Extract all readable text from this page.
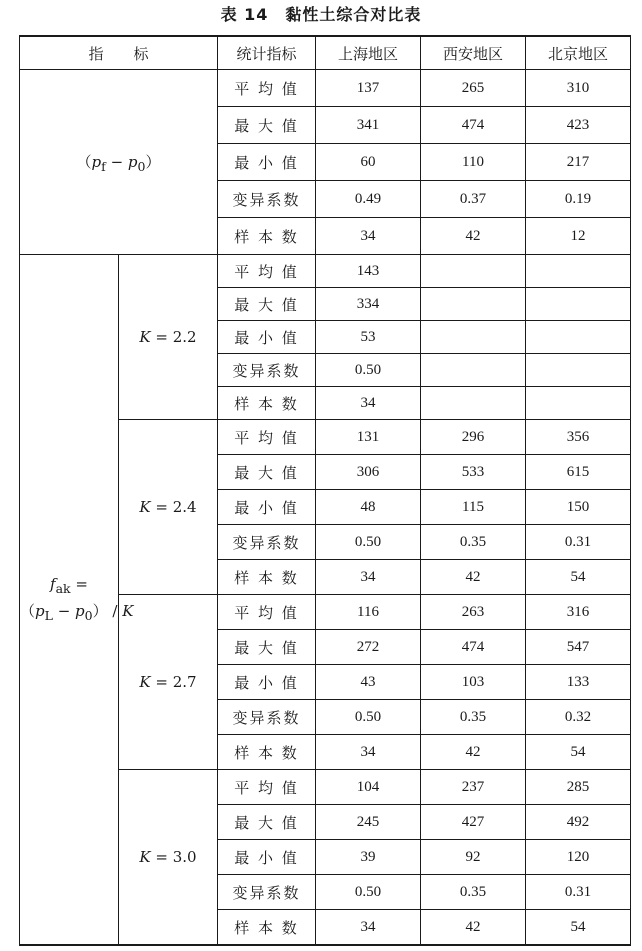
表 14　黏性土综合对比表
指　　标		统计指标	上海地区	西安地区	北京地区
$(p_f - p_0)$		平 均 值	137	265	310
		最 大 值	341	474	423
		最 小 值	60	110	217
		变异系数	0.49	0.37	0.19
		样 本 数	34	42	12

$f_{ak}$ =
$(p_L - p_0) / K$	K = 2.2	平 均 值	143		
		最 大 值	334		
		最 小 值	53		
		变异系数	0.50		
		样 本 数	34		
	K = 2.4	平 均 值	131	296	356
		最 大 值	306	533	615
		最 小 值	48	115	150
		变异系数	0.50	0.35	0.31
		样 本 数	34	42	54
	K = 2.7	平 均 值	116	263	316
		最 大 值	272	474	547
		最 小 值	43	103	133
		变异系数	0.50	0.35	0.32
		样 本 数	34	42	54
	K = 3.0	平 均 值	104	237	285
		最 大 值	245	427	492
		最 小 值	39	92	120
		变异系数	0.50	0.35	0.31
		样 本 数	34	42	54
